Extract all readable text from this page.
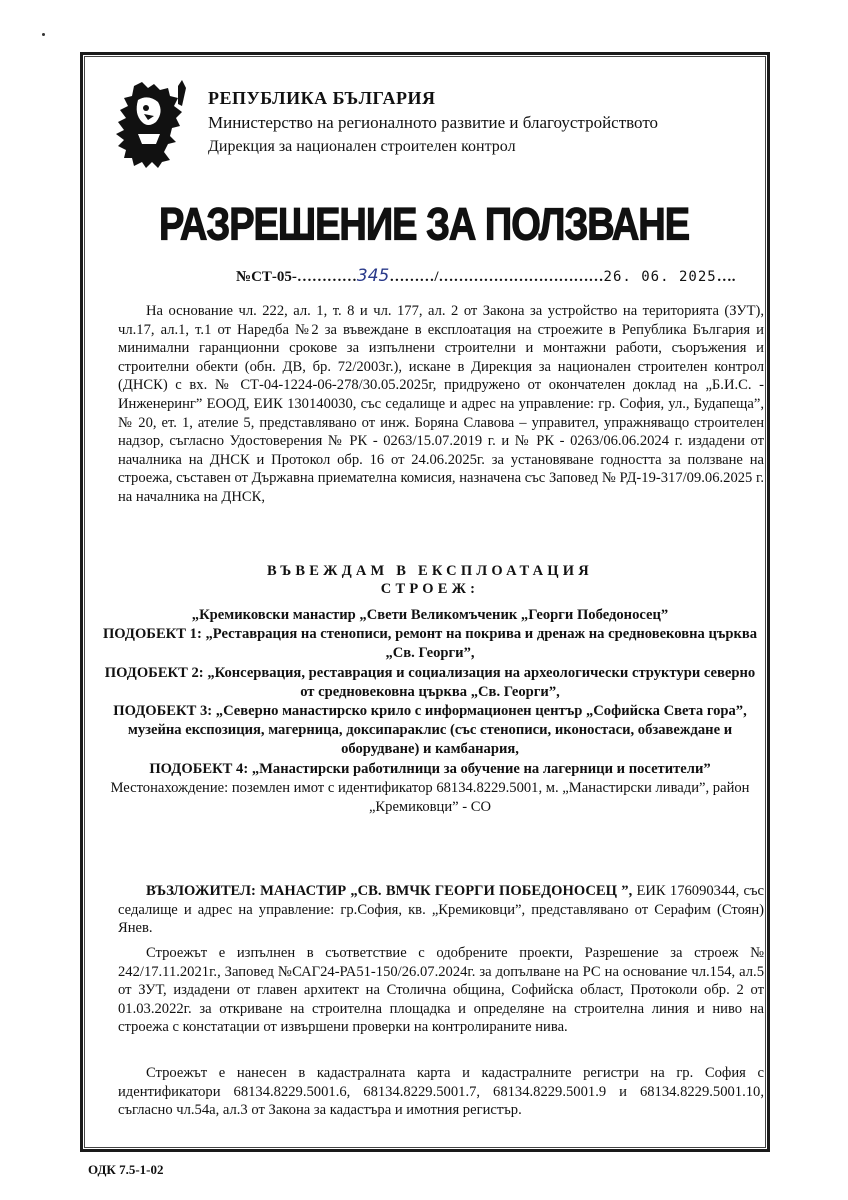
РЕПУБЛИКА БЪЛГАРИЯ
Министерство на регионалното развитие и благоустройството
Дирекция за национален строителен контрол
РАЗРЕШЕНИЕ ЗА ПОЛЗВАНЕ
№СТ-05-…………345………/……………………………26. 06. 2025….
На основание чл. 222, ал. 1, т. 8 и чл. 177, ал. 2 от Закона за устройство на територията (ЗУТ), чл.17, ал.1, т.1 от Наредба №2 за въвеждане в експлоатация на строежите в Република България и минимални гаранционни срокове за изпълнени строителни и монтажни работи, съоръжения и строителни обекти (обн. ДВ, бр. 72/2003г.), искане в Дирекция за национален строителен контрол (ДНСК) с вх. № СТ-04-1224-06-278/30.05.2025г, придружено от окончателен доклад на „Б.И.С. - Инженеринг” ЕООД, ЕИК 130140030, със седалище и адрес на управление: гр. София, ул., Будапеща”, № 20, ет. 1, ателие 5, представлявано от инж. Боряна Славова – управител, упражняващо строителен надзор, съгласно Удостоверения № РК - 0263/15.07.2019 г. и № РК - 0263/06.06.2024 г. издадени от началника на ДНСК и Протокол обр. 16 от 24.06.2025г. за установяване годността за ползване на строежа, съставен от Държавна приемателна комисия, назначена със Заповед № РД-19-317/09.06.2025 г. на началника на ДНСК,
ВЪВЕЖДАМ В ЕКСПЛОАТАЦИЯ
СТРОЕЖ:
„Кремиковски манастир „Свети Великомъченик „Георги Победоносец”
ПОДОБЕКТ 1: „Реставрация на стенописи, ремонт на покрива и дренаж на средновековна църква „Св. Георги”,
ПОДОБЕКТ 2: „Консервация, реставрация и социализация на археологически структури северно от средновековна църква „Св. Георги”,
ПОДОБЕКТ 3: „Северно манастирско крило с информационен център „Софийска Света гора”, музейна експозиция, магерница, доксипараклис (със стенописи, иконостаси, обзавеждане и оборудване) и камбанария,
ПОДОБЕКТ 4: „Манастирски работилници за обучение на лагерници и посетители”
Местонахождение: поземлен имот с идентификатор 68134.8229.5001, м. „Манастирски ливади”, район „Кремиковци” - СО
ВЪЗЛОЖИТЕЛ: МАНАСТИР „СВ. ВМЧК ГЕОРГИ ПОБЕДОНОСЕЦ ”, ЕИК 176090344, със седалище и адрес на управление: гр.София, кв. „Кремиковци”, представлявано от Серафим (Стоян) Янев.
Строежът е изпълнен в съответствие с одобрените проекти, Разрешение за строеж № 242/17.11.2021г., Заповед №САГ24-РА51-150/26.07.2024г. за допълване на РС на основание чл.154, ал.5 от ЗУТ, издадени от главен архитект на Столична община, Софийска област, Протоколи обр. 2 от 01.03.2022г. за откриване на строителна площадка и определяне на строителна линия и ниво на строежа с констатации от извършени проверки на контролираните нива.
Строежът е нанесен в кадастралната карта и кадастралните регистри на гр. София с идентификатори 68134.8229.5001.6, 68134.8229.5001.7, 68134.8229.5001.9 и 68134.8229.5001.10, съгласно чл.54а, ал.3 от Закона за кадастъра и имотния регистър.
ОДК 7.5-1-02
